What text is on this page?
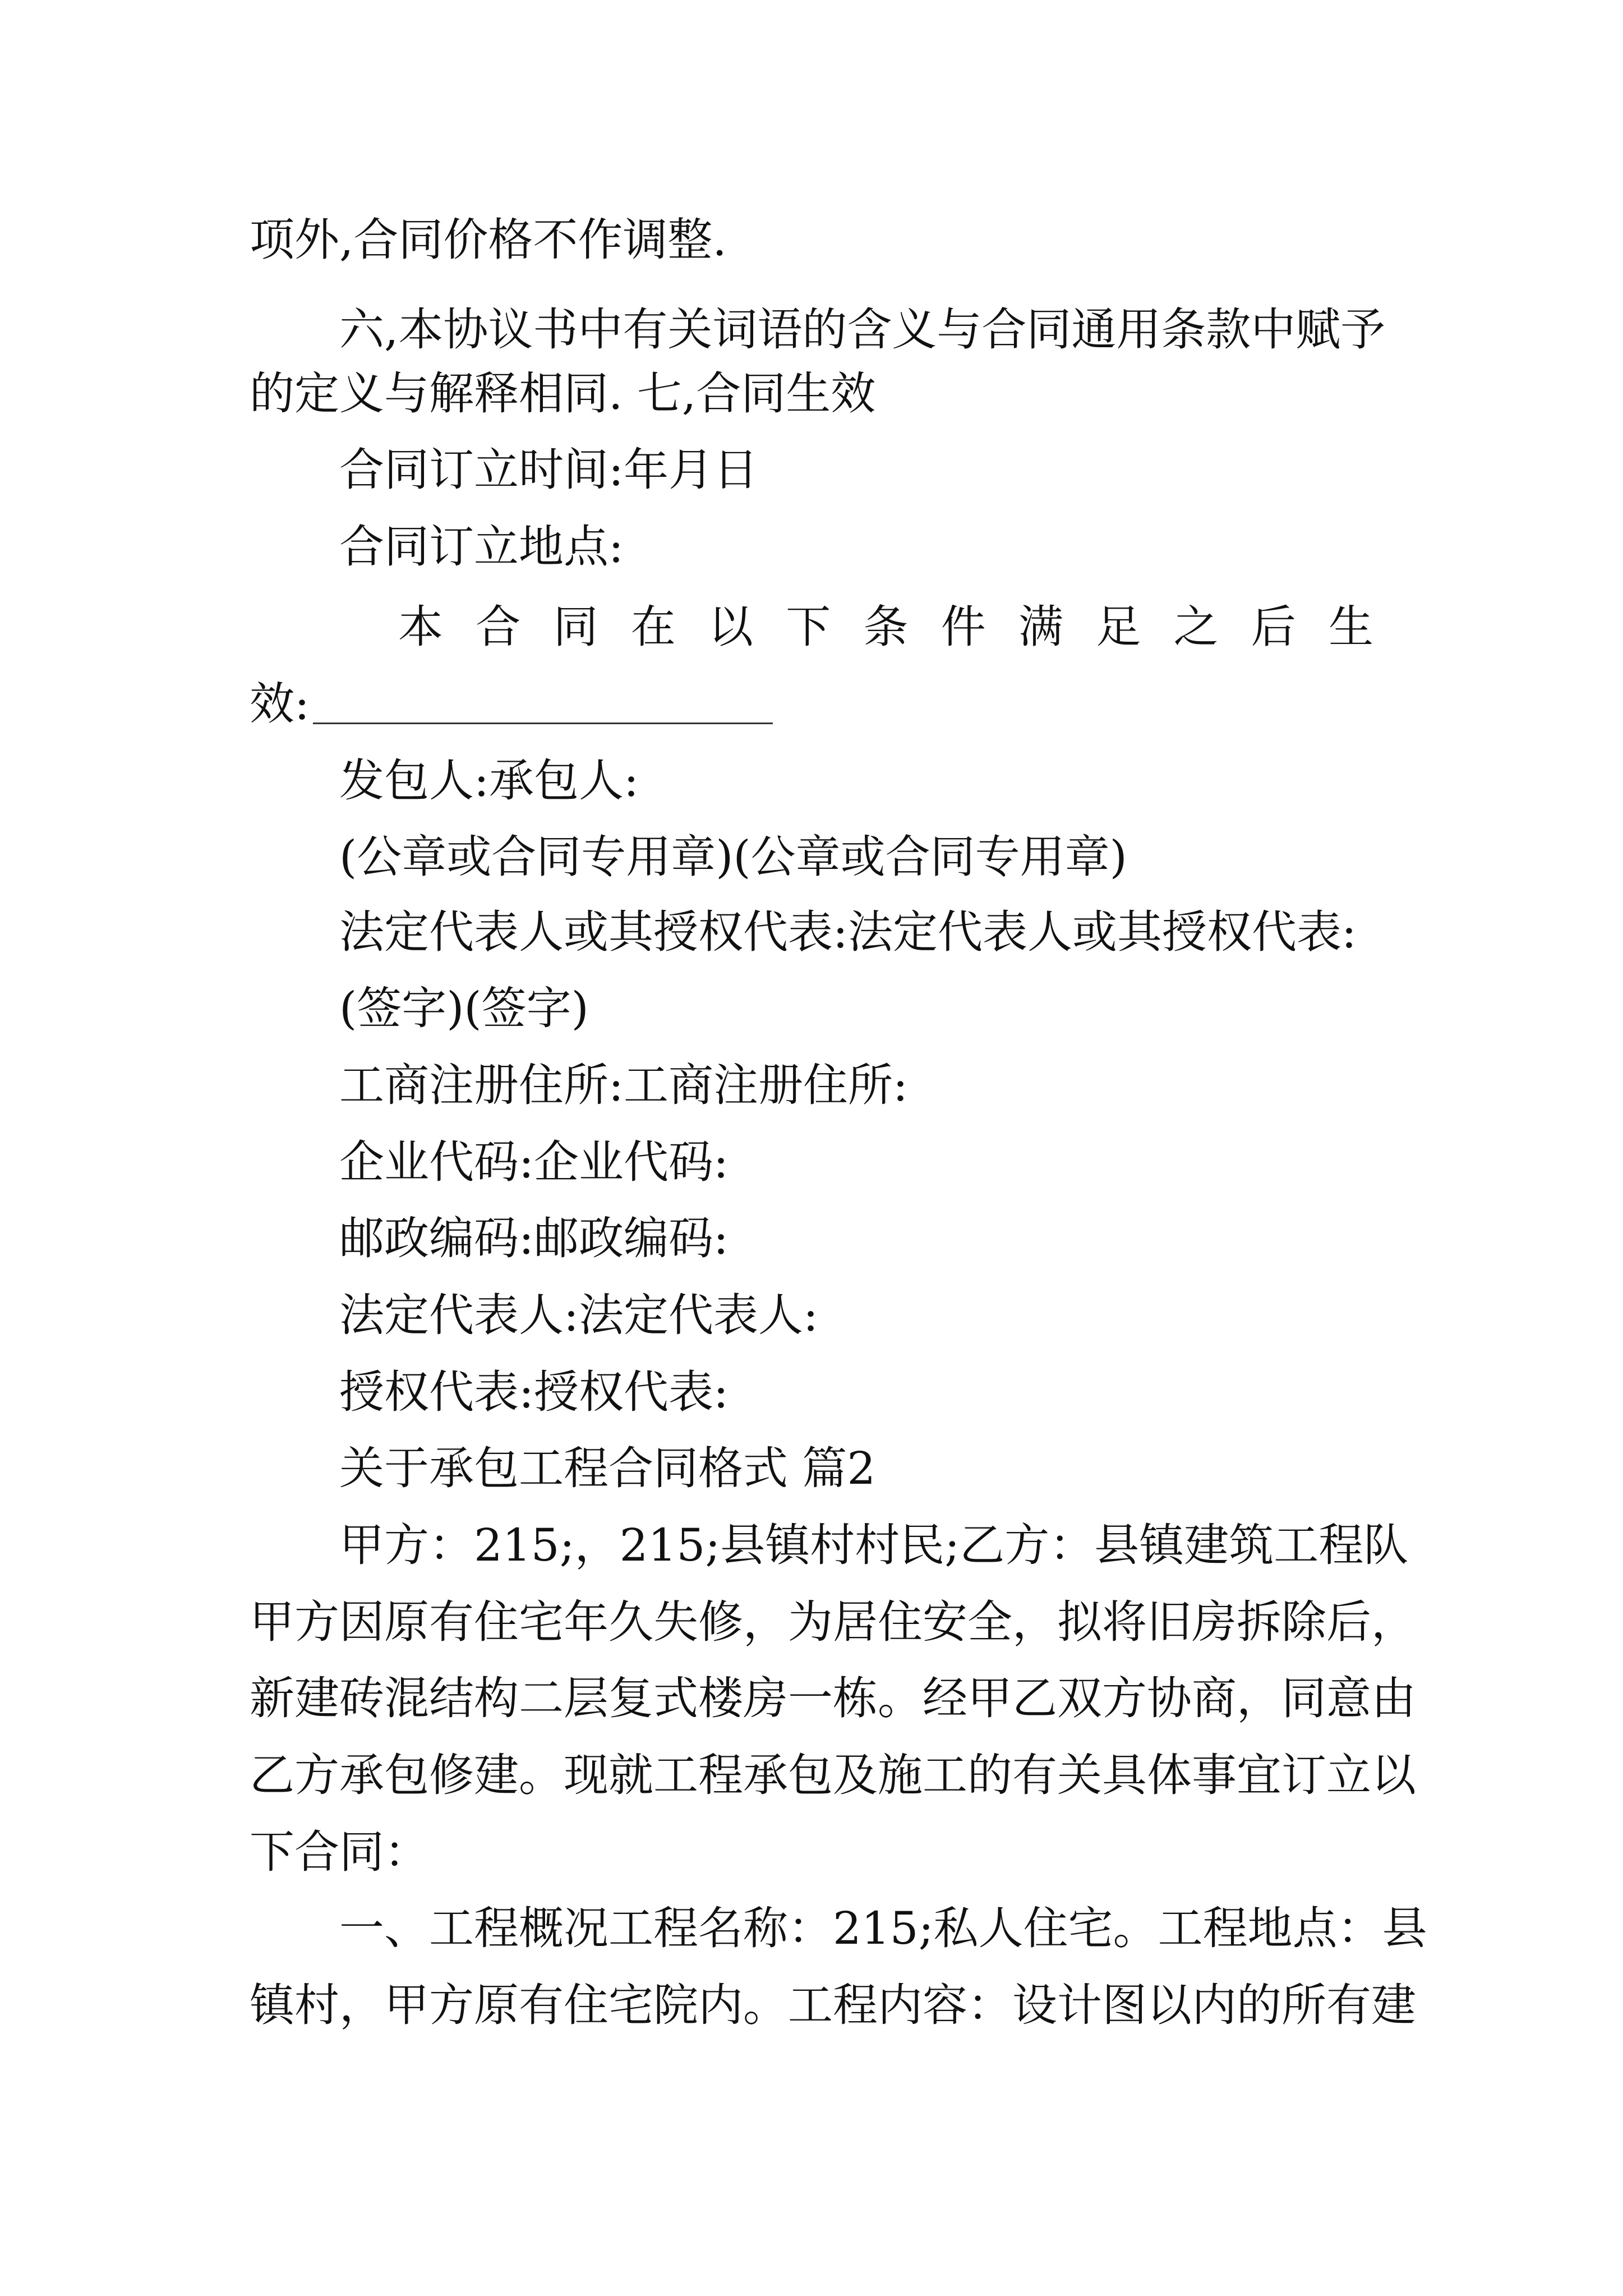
项外,合同价格不作调整.

六,本协议书中有关词语的含义与合同通用条款中赋予

的定义与解释相同. 七,合同生效

合同订立时间:年月日

合同订立地点:

本 合 同 在 以 下 条 件 满 足 之 后 生

效:

发包人:承包人:

(公章或合同专用章)(公章或合同专用章)

法定代表人或其授权代表:法定代表人或其授权代表:

(签字)(签字)

工商注册住所:工商注册住所:

企业代码:企业代码:

邮政编码:邮政编码:

法定代表人:法定代表人:

授权代表:授权代表:

关于承包工程合同格式 篇2

甲方：215;，215;县镇村村民;乙方：县镇建筑工程队

甲方因原有住宅年久失修，为居住安全，拟将旧房拆除后，

新建砖混结构二层复式楼房一栋。经甲乙双方协商，同意由

乙方承包修建。现就工程承包及施工的有关具体事宜订立以

下合同：

一、工程概况工程名称：215;私人住宅。工程地点：县

镇村，甲方原有住宅院内。工程内容：设计图以内的所有建
